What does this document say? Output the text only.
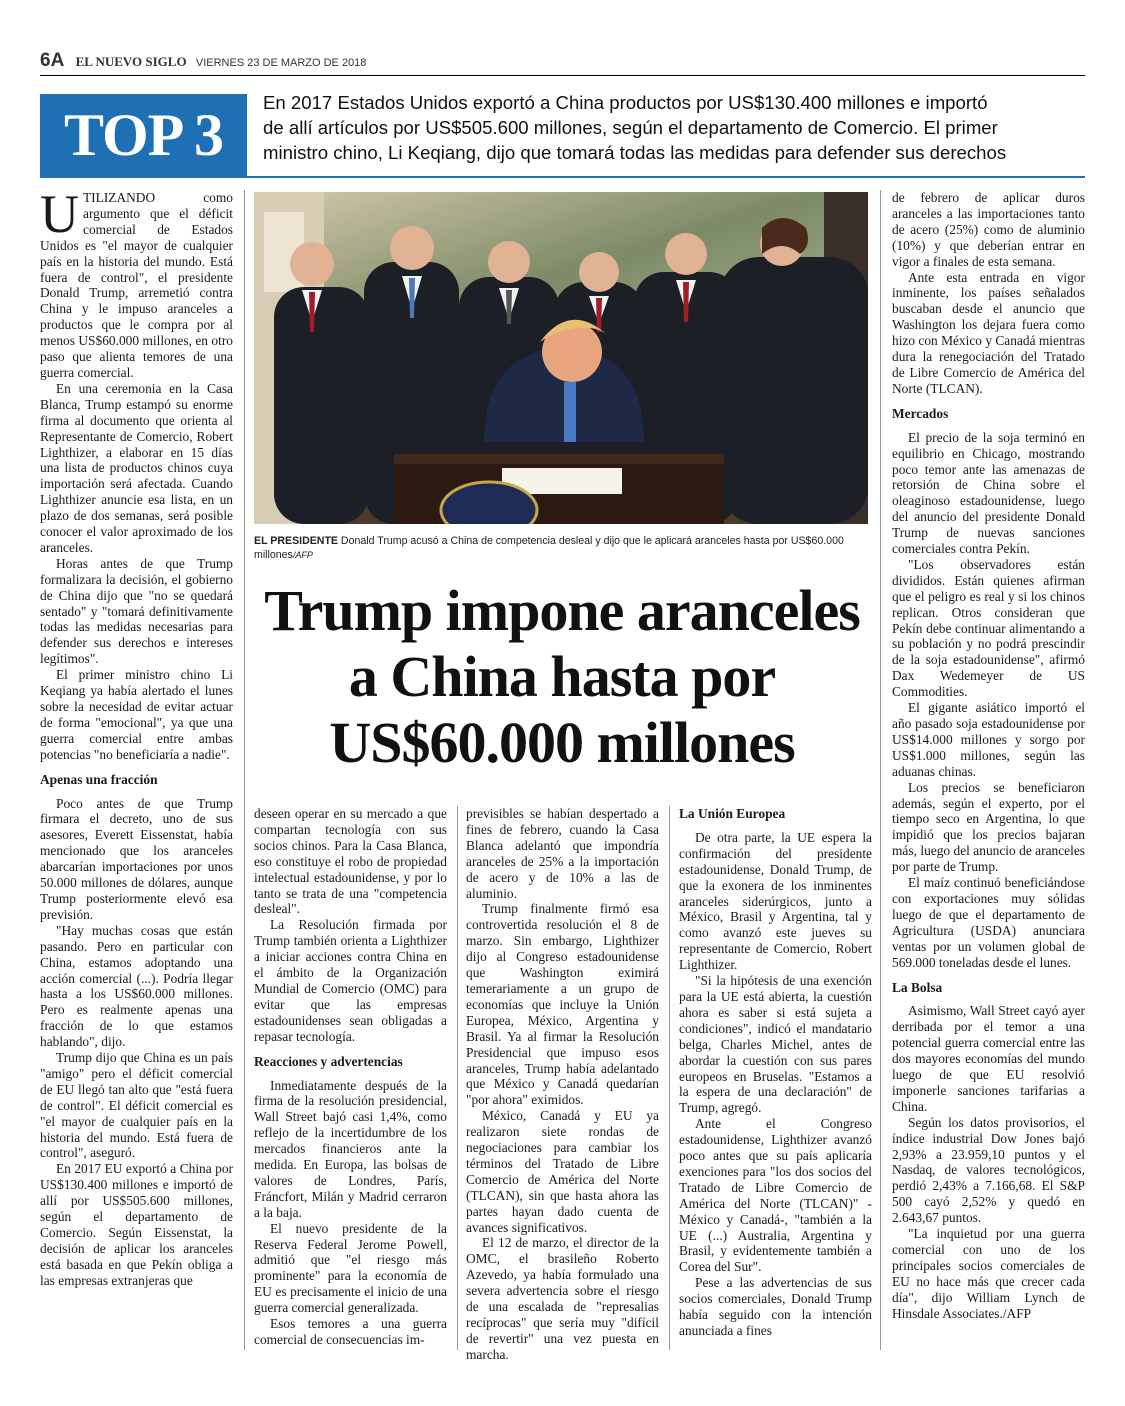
6A EL NUEVO SIGLO VIERNES 23 DE MARZO DE 2018
TOP 3	En 2017 Estados Unidos exportó a China productos por US$130.400 millones e importó

de allí artículos por US$505.600 millones, según el departamento de Comercio. El primer

ministro chino, Li Keqiang, dijo que tomará todas las medidas para defender sus derechos

UTILIZANDO como argumento que el déficit comercial de Estados Unidos es "el mayor de cualquier país en la historia del mundo. Está fuera de control", el presidente Donald Trump, arremetió contra China y le impuso aranceles a productos que le compra por al menos US$60.000 millones, en otro paso que alienta temores de una guerra comercial.

En una ceremonia en la Casa Blanca, Trump estampó su enorme firma al documento que orienta al Representante de Comercio, Robert Lighthizer, a elaborar en 15 días una lista de productos chinos cuya importación será afectada. Cuando Lighthizer anuncie esa lista, en un plazo de dos semanas, será posible conocer el valor aproximado de los aranceles.

Horas antes de que Trump formalizara la decisión, el gobierno de China dijo que "no se quedará sentado" y "tomará definitivamente todas las medidas necesarias para defender sus derechos e intereses legítimos".

El primer ministro chino Li Keqiang ya había alertado el lunes sobre la necesidad de evitar actuar de forma "emocional", ya que una guerra comercial entre ambas potencias "no beneficiaría a nadie".

Apenas una fracción

Poco antes de que Trump firmara el decreto, uno de sus asesores, Everett Eissenstat, había mencionado que los aranceles abarcarían importaciones por unos 50.000 millones de dólares, aunque Trump posteriormente elevó esa previsión.

"Hay muchas cosas que están pasando. Pero en particular con China, estamos adoptando una acción comercial (...). Podría llegar hasta a los US$60.000 millones. Pero es realmente apenas una fracción de lo que estamos hablando", dijo.

Trump dijo que China es un país "amigo" pero el déficit comercial de EU llegó tan alto que "está fuera de control". El déficit comercial es "el mayor de cualquier país en la historia del mundo. Está fuera de control", aseguró.

En 2017 EU exportó a China por US$130.400 millones e importó de allí por US$505.600 millones, según el departamento de Comercio. Según Eissenstat, la decisión de aplicar los aranceles está basada en que Pekín obliga a las empresas extranjeras que

EL PRESIDENTE Donald Trump acusó a China de competencia desleal y dijo que le aplicará aranceles hasta por US$60.000 millones/AFP

Trump impone aranceles

a China hasta por

US$60.000 millones

deseen operar en su mercado a que compartan tecnología con sus socios chinos. Para la Casa Blanca, eso constituye el robo de propiedad intelectual estadounidense, y por lo tanto se trata de una "competencia desleal".

La Resolución firmada por Trump también orienta a Lighthizer a iniciar acciones contra China en el ámbito de la Organización Mundial de Comercio (OMC) para evitar que las empresas estadounidenses sean obligadas a repasar tecnología.

Reacciones y advertencias

Inmediatamente después de la firma de la resolución presidencial, Wall Street bajó casi 1,4%, como reflejo de la incertidumbre de los mercados financieros ante la medida. En Europa, las bolsas de valores de Londres, París, Fráncfort, Milán y Madrid cerraron a la baja.

El nuevo presidente de la Reserva Federal Jerome Powell, admitió que "el riesgo más prominente" para la economía de EU es precisamente el inicio de una guerra comercial generalizada.

Esos temores a una guerra comercial de consecuencias im-

previsibles se habían despertado a fines de febrero, cuando la Casa Blanca adelantó que impondría aranceles de 25% a la importación de acero y de 10% a las de aluminio.

Trump finalmente firmó esa controvertida resolución el 8 de marzo. Sin embargo, Lighthizer dijo al Congreso estadounidense que Washington eximirá temerariamente a un grupo de economías que incluye la Unión Europea, México, Argentina y Brasil. Ya al firmar la Resolución Presidencial que impuso esos aranceles, Trump había adelantado que México y Canadá quedarían "por ahora" eximidos.

México, Canadá y EU ya realizaron siete rondas de negociaciones para cambiar los términos del Tratado de Libre Comercio de América del Norte (TLCAN), sin que hasta ahora las partes hayan dado cuenta de avances significativos.

El 12 de marzo, el director de la OMC, el brasileño Roberto Azevedo, ya había formulado una severa advertencia sobre el riesgo de una escalada de "represalias recíprocas" que sería muy "difícil de revertir" una vez puesta en marcha.

La Unión Europea

De otra parte, la UE espera la confirmación del presidente estadounidense, Donald Trump, de que la exonera de los inminentes aranceles siderúrgicos, junto a México, Brasil y Argentina, tal y como avanzó este jueves su representante de Comercio, Robert Lighthizer.

"Si la hipótesis de una exención para la UE está abierta, la cuestión ahora es saber si está sujeta a condiciones", indicó el mandatario belga, Charles Michel, antes de abordar la cuestión con sus pares europeos en Bruselas. "Estamos a la espera de una declaración" de Trump, agregó.

Ante el Congreso estadounidense, Lighthizer avanzó poco antes que su país aplicaría exenciones para "los dos socios del Tratado de Libre Comercio de América del Norte (TLCAN)" -México y Canadá-, "también a la UE (...) Australia, Argentina y Brasil, y evidentemente también a Corea del Sur".

Pese a las advertencias de sus socios comerciales, Donald Trump había seguido con la intención anunciada a fines

de febrero de aplicar duros aranceles a las importaciones tanto de acero (25%) como de aluminio (10%) y que deberían entrar en vigor a finales de esta semana.

Ante esta entrada en vigor inminente, los países señalados buscaban desde el anuncio que Washington los dejara fuera como hizo con México y Canadá mientras dura la renegociación del Tratado de Libre Comercio de América del Norte (TLCAN).

Mercados

El precio de la soja terminó en equilibrio en Chicago, mostrando poco temor ante las amenazas de retorsión de China sobre el oleaginoso estadounidense, luego del anuncio del presidente Donald Trump de nuevas sanciones comerciales contra Pekín.

"Los observadores están divididos. Están quienes afirman que el peligro es real y si los chinos replican. Otros consideran que Pekín debe continuar alimentando a su población y no podrá prescindir de la soja estadounidense", afirmó Dax Wedemeyer de US Commodities.

El gigante asiático importó el año pasado soja estadounidense por US$14.000 millones y sorgo por US$1.000 millones, según las aduanas chinas.

Los precios se beneficiaron además, según el experto, por el tiempo seco en Argentina, lo que impidió que los precios bajaran más, luego del anuncio de aranceles por parte de Trump.

El maíz continuó beneficiándose con exportaciones muy sólidas luego de que el departamento de Agricultura (USDA) anunciara ventas por un volumen global de 569.000 toneladas desde el lunes.

La Bolsa

Asimismo, Wall Street cayó ayer derribada por el temor a una potencial guerra comercial entre las dos mayores economías del mundo luego de que EU resolvió imponerle sanciones tarifarias a China.

Según los datos provisorios, el índice industrial Dow Jones bajó 2,93% a 23.959,10 puntos y el Nasdaq, de valores tecnológicos, perdió 2,43% a 7.166,68. El S&P 500 cayó 2,52% y quedó en 2.643,67 puntos.

"La inquietud por una guerra comercial con uno de los principales socios comerciales de EU no hace más que crecer cada día", dijo William Lynch de Hinsdale Associates./AFP
